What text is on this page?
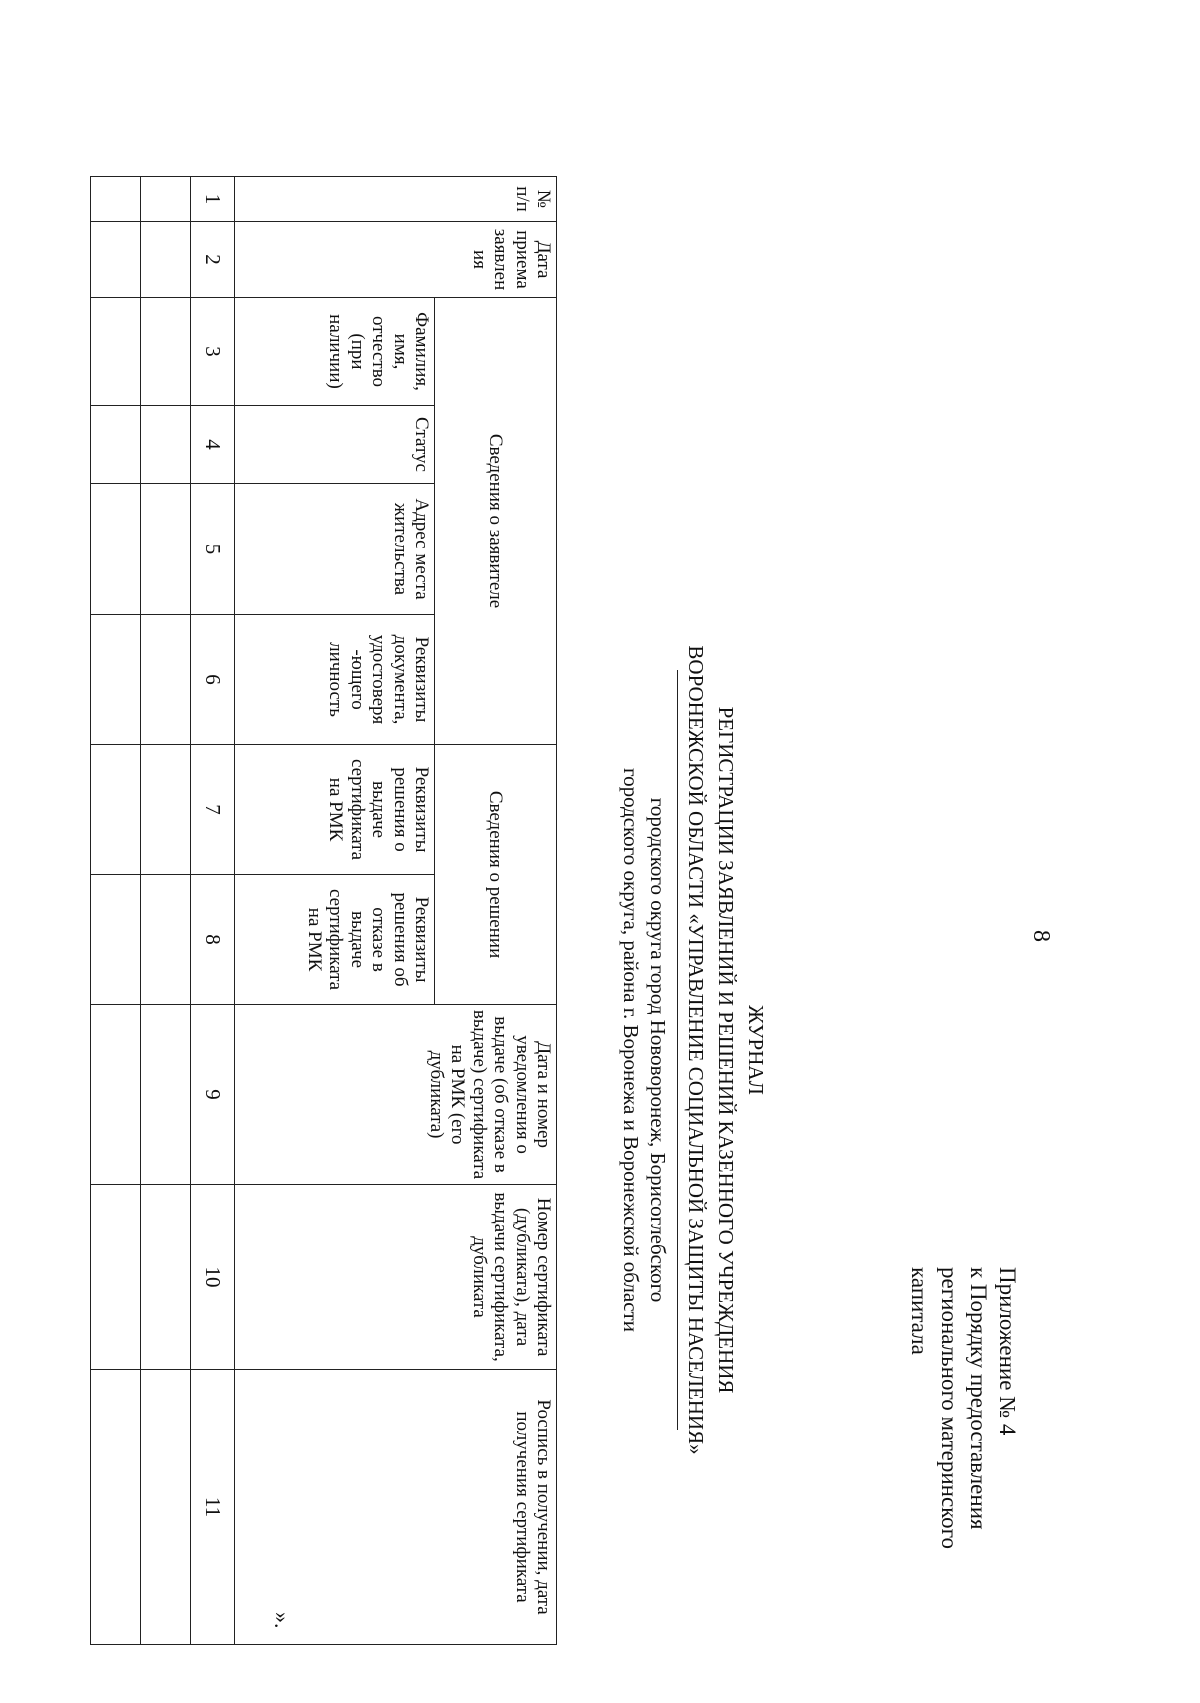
8
Приложение № 4
к Порядку предоставления
регионального материнского
капитала
ЖУРНАЛ
РЕГИСТРАЦИИ ЗАЯВЛЕНИЙ И РЕШЕНИЙ КАЗЕННОГО УЧРЕЖДЕНИЯ
ВОРОНЕЖСКОЙ ОБЛАСТИ «УПРАВЛЕНИЕ СОЦИАЛЬНОЙ ЗАЩИТЫ НАСЕЛЕНИЯ»
городского округа город Нововоронеж, Борисоглебского
городского округа, района г. Воронежа и Воронежской области
№ п/п	Дата приема заявлен ия	Сведения о заявителе				Сведения о решении		Дата и номер уведомления о выдаче (об отказе в выдаче) сертификата на РМК (его дубликата)	Номер сертификата (дубликата), дата выдачи сертификата, дубликата	Роспись в получении, дата получения сертификата
		Фамилия, имя, отчество (при наличии)	Статус	Адрес места жительства	Реквизиты документа, удостоверя -ющего личность	Реквизиты решения о выдаче сертификата на РМК	Реквизиты решения об отказе в выдаче сертификата на РМК			
1	2	3	4	5	6	7	8	9	10	11

».
